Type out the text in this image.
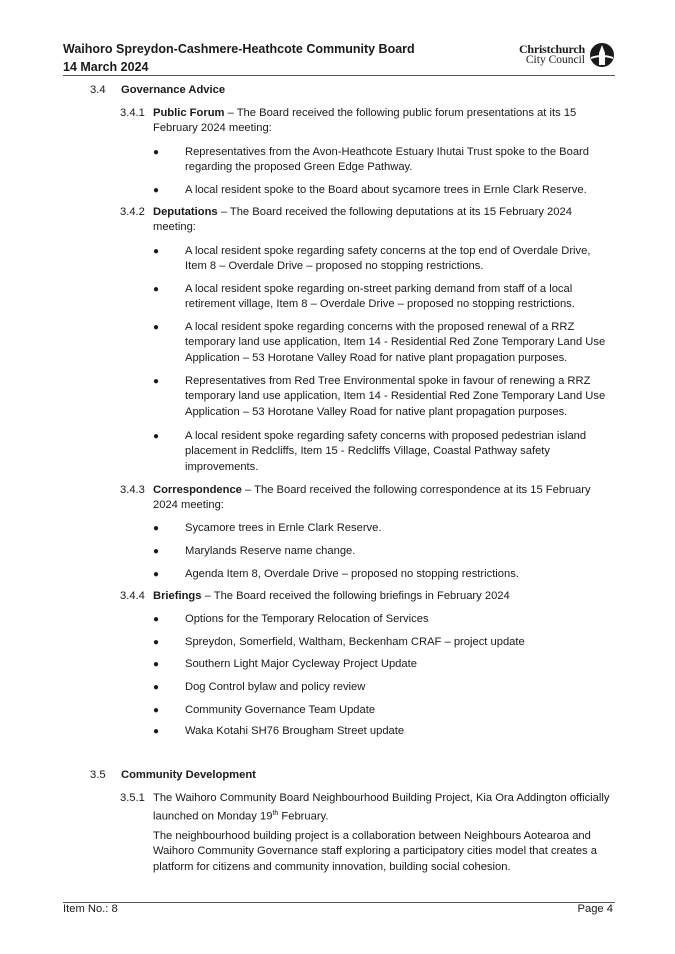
Waihoro Spreydon-Cashmere-Heathcote Community Board
14 March 2024
Christchurch
City Council
3.4 Governance Advice
3.4.1 Public Forum – The Board received the following public forum presentations at its 15 February 2024 meeting:
● Representatives from the Avon-Heathcote Estuary Ihutai Trust spoke to the Board regarding the proposed Green Edge Pathway.
● A local resident spoke to the Board about sycamore trees in Ernle Clark Reserve.
3.4.2 Deputations – The Board received the following deputations at its 15 February 2024 meeting:
● A local resident spoke regarding safety concerns at the top end of Overdale Drive, Item 8 – Overdale Drive – proposed no stopping restrictions.
● A local resident spoke regarding on-street parking demand from staff of a local retirement village, Item 8 – Overdale Drive – proposed no stopping restrictions.
● A local resident spoke regarding concerns with the proposed renewal of a RRZ temporary land use application, Item 14 - Residential Red Zone Temporary Land Use Application – 53 Horotane Valley Road for native plant propagation purposes.
● Representatives from Red Tree Environmental spoke in favour of renewing a RRZ temporary land use application, Item 14 - Residential Red Zone Temporary Land Use Application – 53 Horotane Valley Road for native plant propagation purposes.
● A local resident spoke regarding safety concerns with proposed pedestrian island placement in Redcliffs, Item 15 - Redcliffs Village, Coastal Pathway safety improvements.
3.4.3 Correspondence – The Board received the following correspondence at its 15 February 2024 meeting:
● Sycamore trees in Ernle Clark Reserve.
● Marylands Reserve name change.
● Agenda Item 8, Overdale Drive – proposed no stopping restrictions.
3.4.4 Briefings – The Board received the following briefings in February 2024
● Options for the Temporary Relocation of Services
● Spreydon, Somerfield, Waltham, Beckenham CRAF – project update
● Southern Light Major Cycleway Project Update
● Dog Control bylaw and policy review
● Community Governance Team Update
● Waka Kotahi SH76 Brougham Street update
3.5 Community Development
3.5.1 The Waihoro Community Board Neighbourhood Building Project, Kia Ora Addington officially launched on Monday 19th February.
The neighbourhood building project is a collaboration between Neighbours Aotearoa and Waihoro Community Governance staff exploring a participatory cities model that creates a platform for citizens and community innovation, building social cohesion.
Item No.: 8	Page 4
